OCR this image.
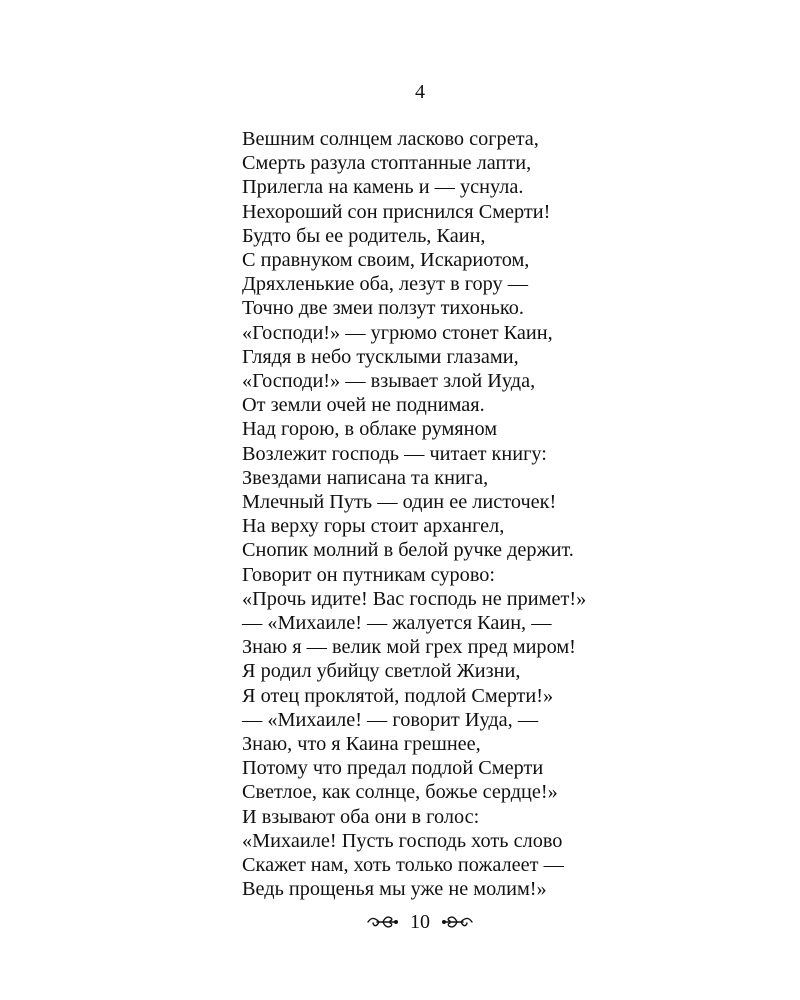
4
Вешним солнцем ласково согрета,
Смерть разула стоптанные лапти,
Прилегла на камень и — уснула.
Нехороший сон приснился Смерти!
Будто бы ее родитель, Каин,
С правнуком своим, Искариотом,
Дряхленькие оба, лезут в гору —
Точно две змеи ползут тихонько.
«Господи!» — угрюмо стонет Каин,
Глядя в небо тусклыми глазами,
«Господи!» — взывает злой Иуда,
От земли очей не поднимая.
Над горою, в облаке румяном
Возлежит господь — читает книгу:
Звездами написана та книга,
Млечный Путь — один ее листочек!
На верху горы стоит архангел,
Снопик молний в белой ручке держит.
Говорит он путникам сурово:
«Прочь идите! Вас господь не примет!»
— «Михаиле! — жалуется Каин, —
Знаю я — велик мой грех пред миром!
Я родил убийцу светлой Жизни,
Я отец проклятой, подлой Смерти!»
— «Михаиле! — говорит Иуда, —
Знаю, что я Каина грешнее,
Потому что предал подлой Смерти
Светлое, как солнце, божье сердце!»
И взывают оба они в голос:
«Михаиле! Пусть господь хоть слово
Скажет нам, хоть только пожалеет —
Ведь прощенья мы уже не молим!»
10
